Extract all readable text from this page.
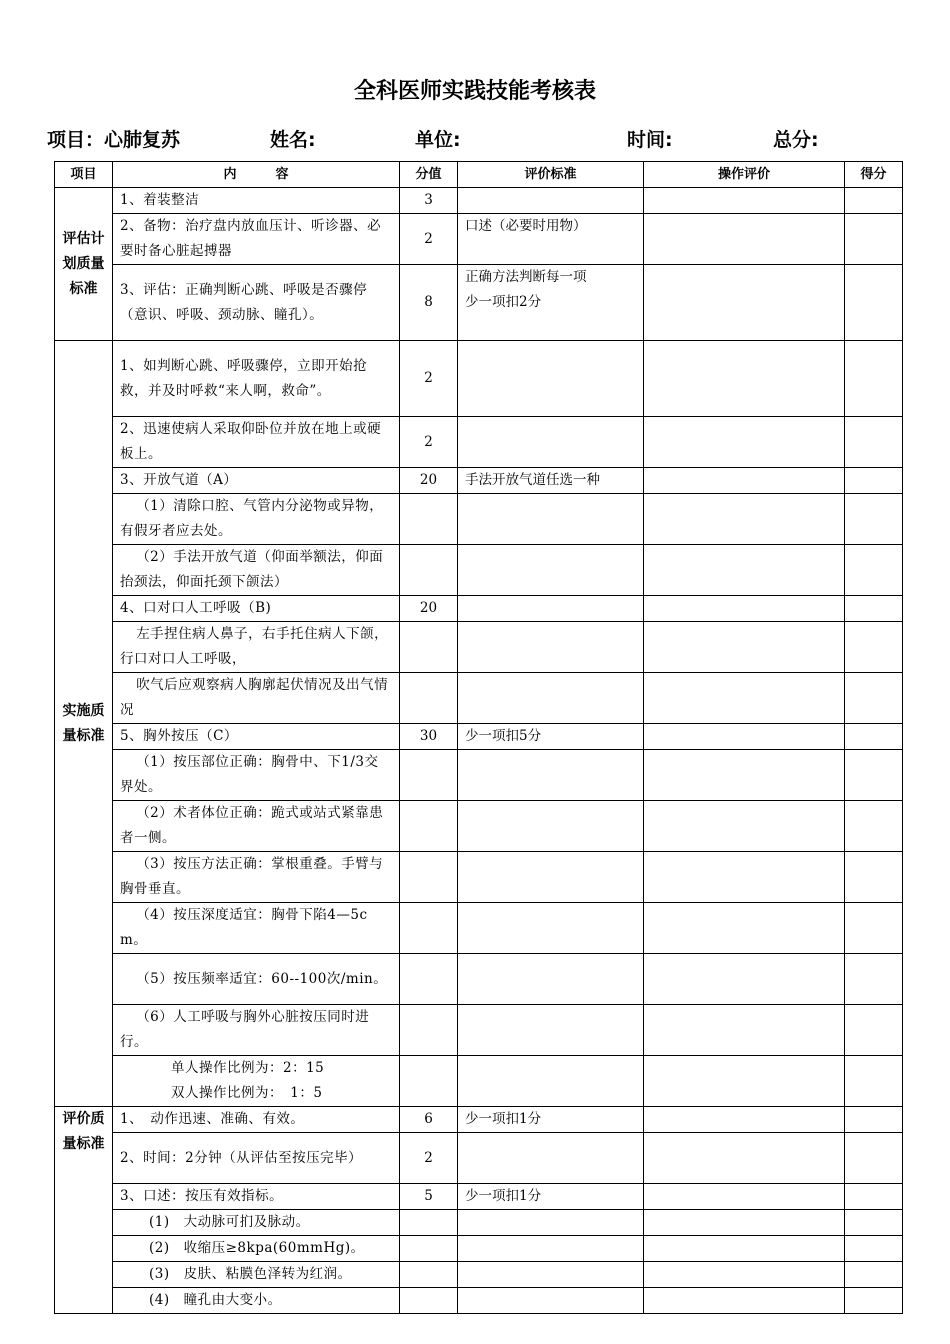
全科医师实践技能考核表
项目：心肺复苏	姓名:	单位:	时间:	总分:
项目	内　　　容	分值	评价标准	操作评价	得分
评估计划质量标准	1、着装整洁	3			
	2、备物：治疗盘内放血压计、听诊器、必要时备心脏起搏器	2	口述（必要时用物）		
	3、评估：正确判断心跳、呼吸是否骤停（意识、呼吸、颈动脉、瞳孔）。	8	正确方法判断每一项
少一项扣2分		
实施质量标准	1、如判断心跳、呼吸骤停，立即开始抢救，并及时呼救“来人啊，救命”。	2			
	2、迅速使病人采取仰卧位并放在地上或硬板上。	2			
	3、开放气道（A）	20	手法开放气道任选一种		
	（1）清除口腔、气管内分泌物或异物，有假牙者应去处。				
	（2）手法开放气道（仰面举额法，仰面抬颈法，仰面托颈下颌法）				
	4、口对口人工呼吸（B)	20			
	左手捏住病人鼻子，右手托住病人下颌，行口对口人工呼吸，				
	吹气后应观察病人胸廓起伏情况及出气情况				
	5、胸外按压（C）	30	少一项扣5分		
	（1）按压部位正确：胸骨中、下1/3交界处。				
	（2）术者体位正确：跪式或站式紧靠患者一侧。				
	（3）按压方法正确：掌根重叠。手臂与胸骨垂直。				
	（4）按压深度适宜：胸骨下陷4—5cm。				
	（5）按压频率适宜：60--100次/min。				
	（6）人工呼吸与胸外心脏按压同时进行。				

	单人操作比例为：2：15
双人操作比例为：　1：5				

评价质量标准	1、　动作迅速、准确、有效。	6	少一项扣1分		
	2、时间：2分钟（从评估至按压完毕）	2			
	3、口述：按压有效指标。	5	少一项扣1分		
	(1)　大动脉可扪及脉动。				
	(2)　收缩压≥8kpa(60mmHg)。				
	(3)　皮肤、粘膜色泽转为红润。				
	(4)　瞳孔由大变小。				
